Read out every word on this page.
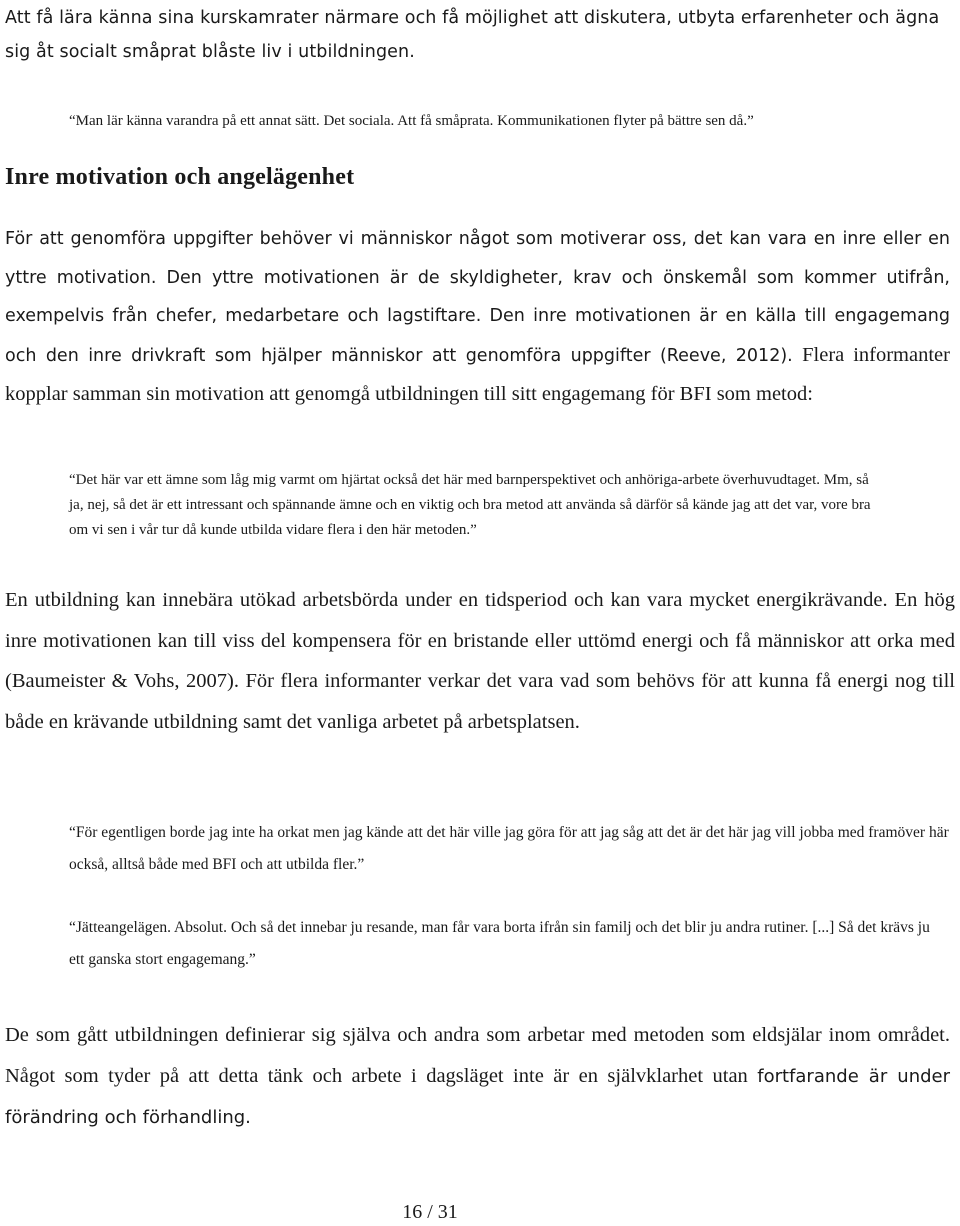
Att få lära känna sina kurskamrater närmare och få möjlighet att diskutera, utbyta erfarenheter och ägna sig åt socialt småprat blåste liv i utbildningen.

“Man lär känna varandra på ett annat sätt. Det sociala. Att få småprata. Kommunikationen flyter på bättre sen då.”

Inre motivation och angelägenhet

För att genomföra uppgifter behöver vi människor något som motiverar oss, det kan vara en inre eller en yttre motivation. Den yttre motivationen är de skyldigheter, krav och önskemål som kommer utifrån, exempelvis från chefer, medarbetare och lagstiftare. Den inre motivationen är en källa till engagemang och den inre drivkraft som hjälper människor att genomföra uppgifter (Reeve, 2012). Flera informanter kopplar samman sin motivation att genomgå utbildningen till sitt engagemang för BFI som metod:

“Det här var ett ämne som låg mig varmt om hjärtat också det här med barnperspektivet och anhöriga-arbete överhuvudtaget. Mm, så ja, nej, så det är ett intressant och spännande ämne och en viktig och bra metod att använda så därför så kände jag att det var, vore bra om vi sen i vår tur då kunde utbilda vidare flera i den här metoden.”

En utbildning kan innebära utökad arbetsbörda under en tidsperiod och kan vara mycket energikrävande. En hög inre motivationen kan till viss del kompensera för en bristande eller uttömd energi och få människor att orka med (Baumeister & Vohs, 2007). För flera informanter verkar det vara vad som behövs för att kunna få energi nog till både en krävande utbildning samt det vanliga arbetet på arbetsplatsen.

“För egentligen borde jag inte ha orkat men jag kände att det här ville jag göra för att jag såg att det är det här jag vill jobba med framöver här också, alltså både med BFI och att utbilda fler.”

“Jätteangelägen. Absolut. Och så det innebar ju resande, man får vara borta ifrån sin familj och det blir ju andra rutiner. [...] Så det krävs ju ett ganska stort engagemang.”

De som gått utbildningen definierar sig själva och andra som arbetar med metoden som eldsjälar inom området. Något som tyder på att detta tänk och arbete i dagsläget inte är en självklarhet utan fortfarande är under förändring och förhandling.

16 / 31
